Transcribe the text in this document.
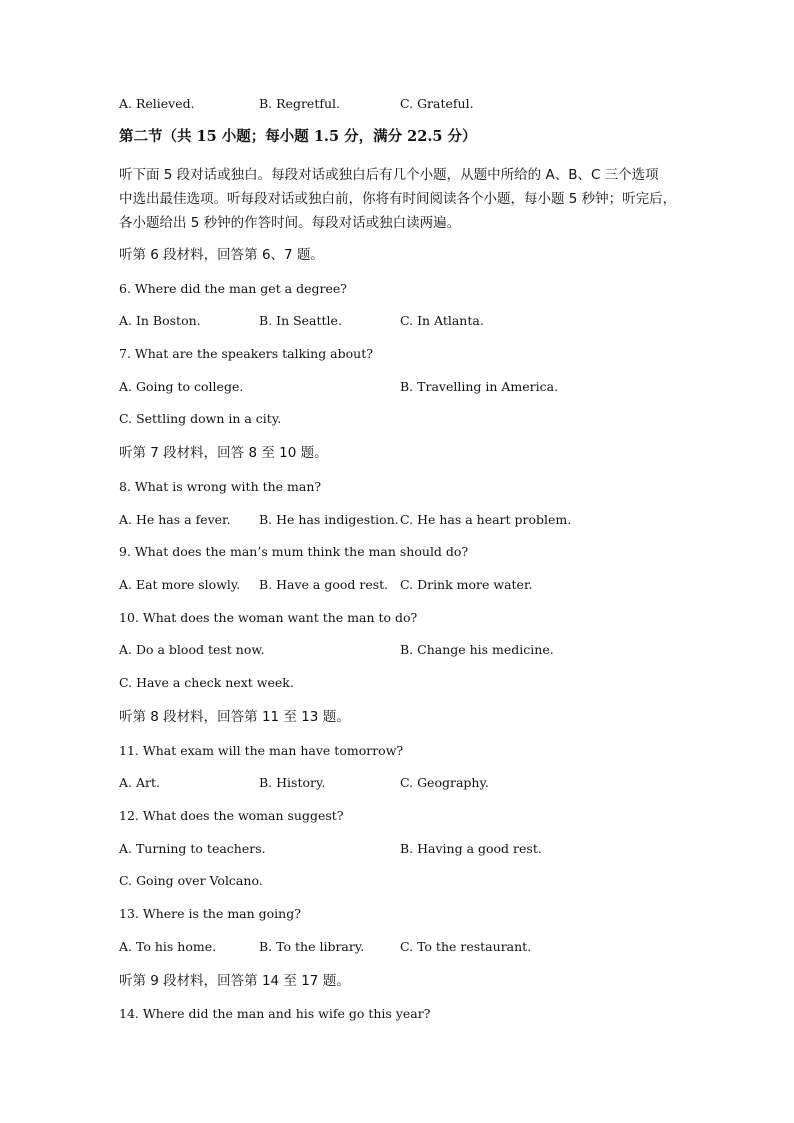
A. Relieved.	B. Regretful.	C. Grateful.
第二节（共 15 小题；每小题 1.5 分，满分 22.5 分）
听下面 5 段对话或独白。每段对话或独白后有几个小题，从题中所给的 A、B、C 三个选项
中选出最佳选项。听每段对话或独白前，你将有时间阅读各个小题，每小题 5 秒钟；听完后，
各小题给出 5 秒钟的作答时间。每段对话或独白读两遍。
听第 6 段材料，回答第 6、7 题。
6. Where did the man get a degree?
A. In Boston.	B. In Seattle.	C. In Atlanta.
7. What are the speakers talking about?
A. Going to college.	B. Travelling in America.
C. Settling down in a city.
听第 7 段材料，回答 8 至 10 题。
8. What is wrong with the man?
A. He has a fever. B. He has indigestion. C. He has a heart problem.
9. What does the man’s mum think the man should do?
A. Eat more slowly. B. Have a good rest. C. Drink more water.
10. What does the woman want the man to do?
A. Do a blood test now.	B. Change his medicine.
C. Have a check next week.
听第 8 段材料，回答第 11 至 13 题。
11. What exam will the man have tomorrow?
A. Art.	B. History.	C. Geography.
12. What does the woman suggest?
A. Turning to teachers.	B. Having a good rest.
C. Going over Volcano.
13. Where is the man going?
A. To his home.	B. To the library.	C. To the restaurant.
听第 9 段材料，回答第 14 至 17 题。
14. Where did the man and his wife go this year?
